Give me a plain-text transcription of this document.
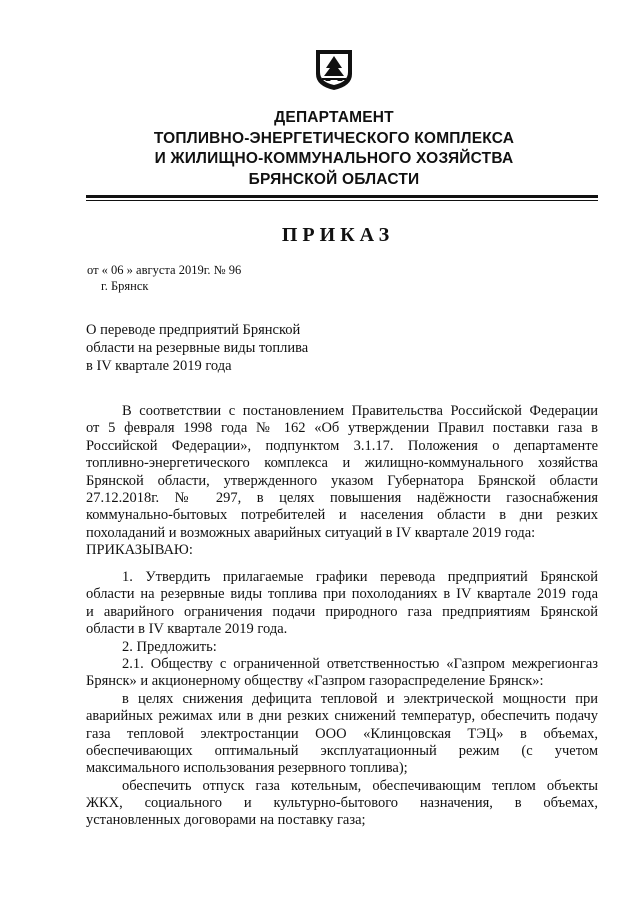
ДЕПАРТАМЕНТ
ТОПЛИВНО-ЭНЕРГЕТИЧЕСКОГО КОМПЛЕКСА
И ЖИЛИЩНО-КОММУНАЛЬНОГО ХОЗЯЙСТВА
БРЯНСКОЙ ОБЛАСТИ
ПРИКАЗ
от « 06 » августа 2019г. № 96
г. Брянск
О переводе предприятий Брянской
области на резервные виды топлива
в IV квартале 2019 года
В соответствии с постановлением Правительства Российской Федерации
от 5 февраля 1998 года № 162 «Об утверждении Правил поставки газа в
Российской Федерации», подпунктом 3.1.17. Положения о департаменте
топливно-энергетического комплекса и жилищно-коммунального хозяйства
Брянской области, утвержденного указом Губернатора Брянской области
27.12.2018г. № 297, в целях повышения надёжности газоснабжения
коммунально-бытовых потребителей и населения области в дни резких
похоладаний и возможных аварийных ситуаций в IV квартале 2019 года:
ПРИКАЗЫВАЮ:
1. Утвердить прилагаемые графики перевода предприятий Брянской
области на резервные виды топлива при похолоданиях в IV квартале 2019 года
и аварийного ограничения подачи природного газа предприятиям Брянской
области в IV квартале 2019 года.
2. Предложить:
2.1. Обществу с ограниченной ответственностью «Газпром межрегионгаз
Брянск» и акционерному обществу «Газпром газораспределение Брянск»:
в целях снижения дефицита тепловой и электрической мощности при
аварийных режимах или в дни резких снижений температур, обеспечить подачу
газа тепловой электростанции ООО «Клинцовская ТЭЦ» в объемах,
обеспечивающих оптимальный эксплуатационный режим (с учетом
максимального использования резервного топлива);
обеспечить отпуск газа котельным, обеспечивающим теплом объекты
ЖКХ, социального и культурно-бытового назначения, в объемах,
установленных договорами на поставку газа;
